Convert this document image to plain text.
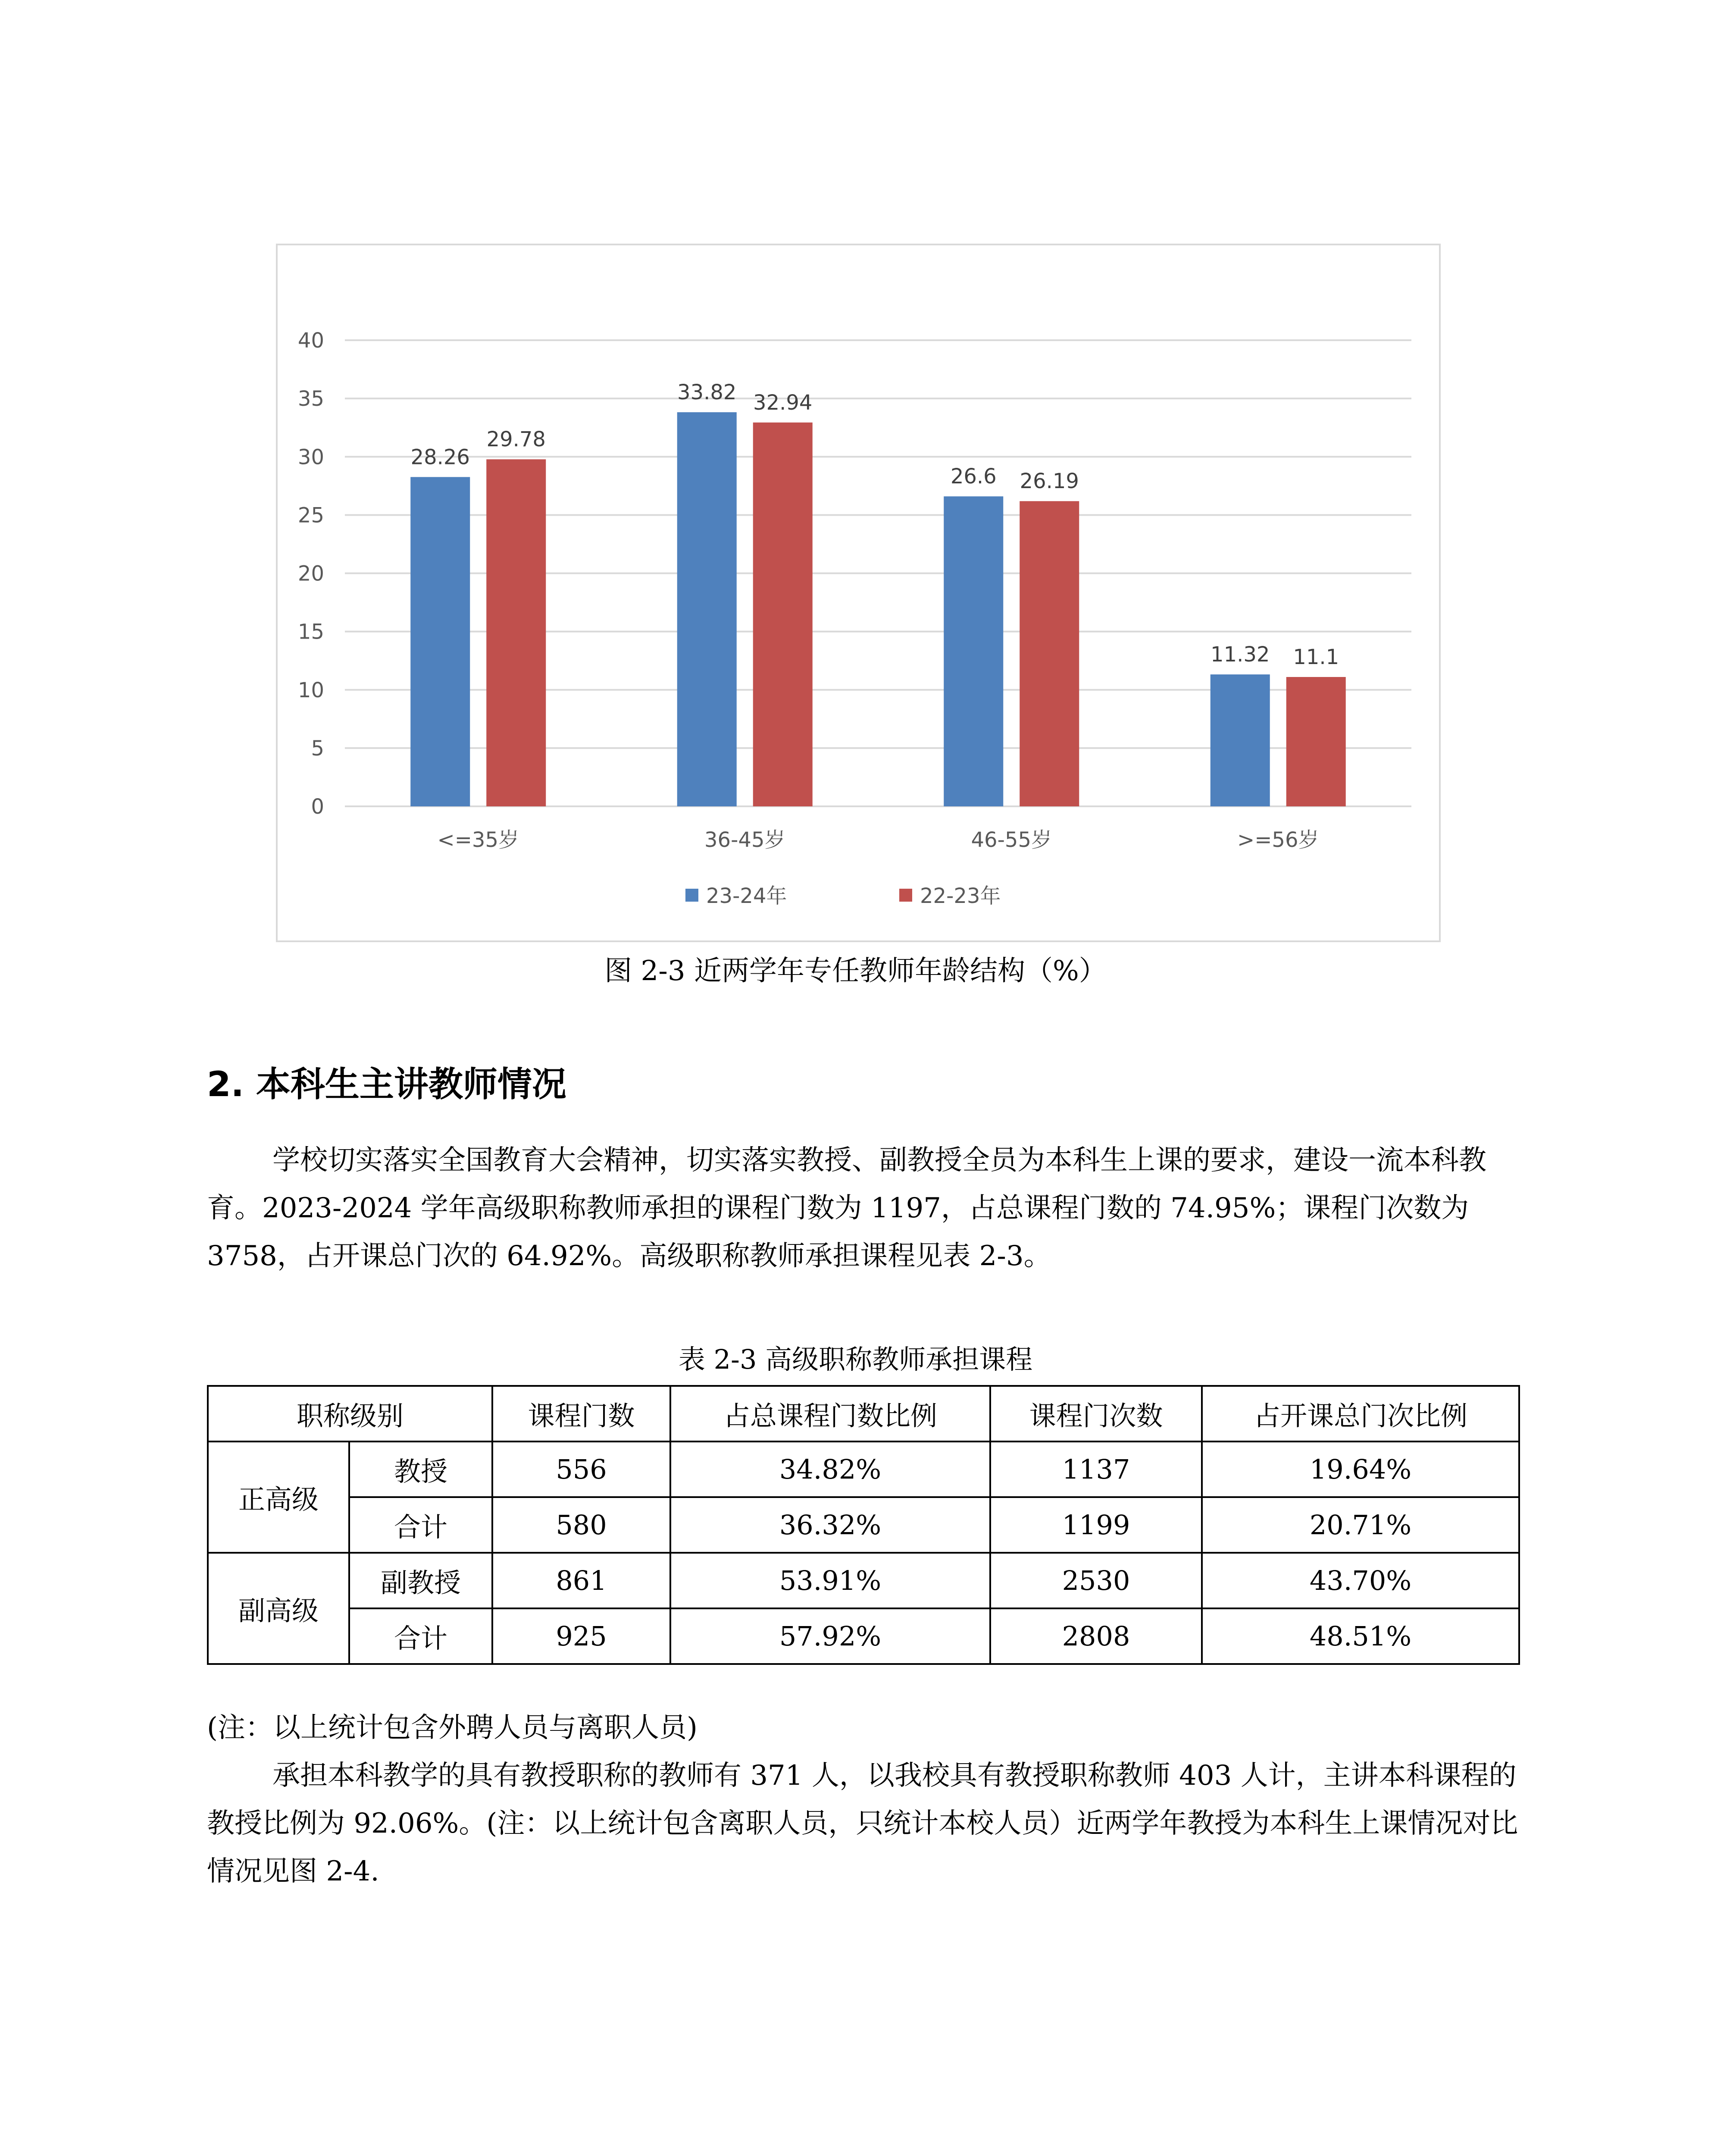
0
5
10
15
20
25
30
35
40
28.26
29.78
<=35岁
33.82 32.94
36-45岁
26.6 26.19
46-55岁
11.32 11.1
>=56岁
23-24年	22-23年
图 2-3 近两学年专任教师年龄结构（%）
2. 本科生主讲教师情况
学校切实落实全国教育大会精神，切实落实教授、副教授全员为本科生上课的要求，建设一流本科教育。2023-2024 学年高级职称教师承担的课程门数为 1197，占总课程门数的 74.95%；课程门次数为 3758，占开课总门次的 64.92%。高级职称教师承担课程见表 2-3。
表 2-3 高级职称教师承担课程
职称级别		课程门数	占总课程门数比例	课程门次数	占开课总门次比例
正高级	教授	556	34.82%	1137	19.64%
	合计	580	36.32%	1199	20.71%
副高级	副教授	861	53.91%	2530	43.70%
	合计	925	57.92%	2808	48.51%
(注：以上统计包含外聘人员与离职人员)
承担本科教学的具有教授职称的教师有 371 人，以我校具有教授职称教师 403 人计，主讲本科课程的教授比例为 92.06%。(注：以上统计包含离职人员，只统计本校人员）近两学年教授为本科生上课情况对比情况见图 2-4.
